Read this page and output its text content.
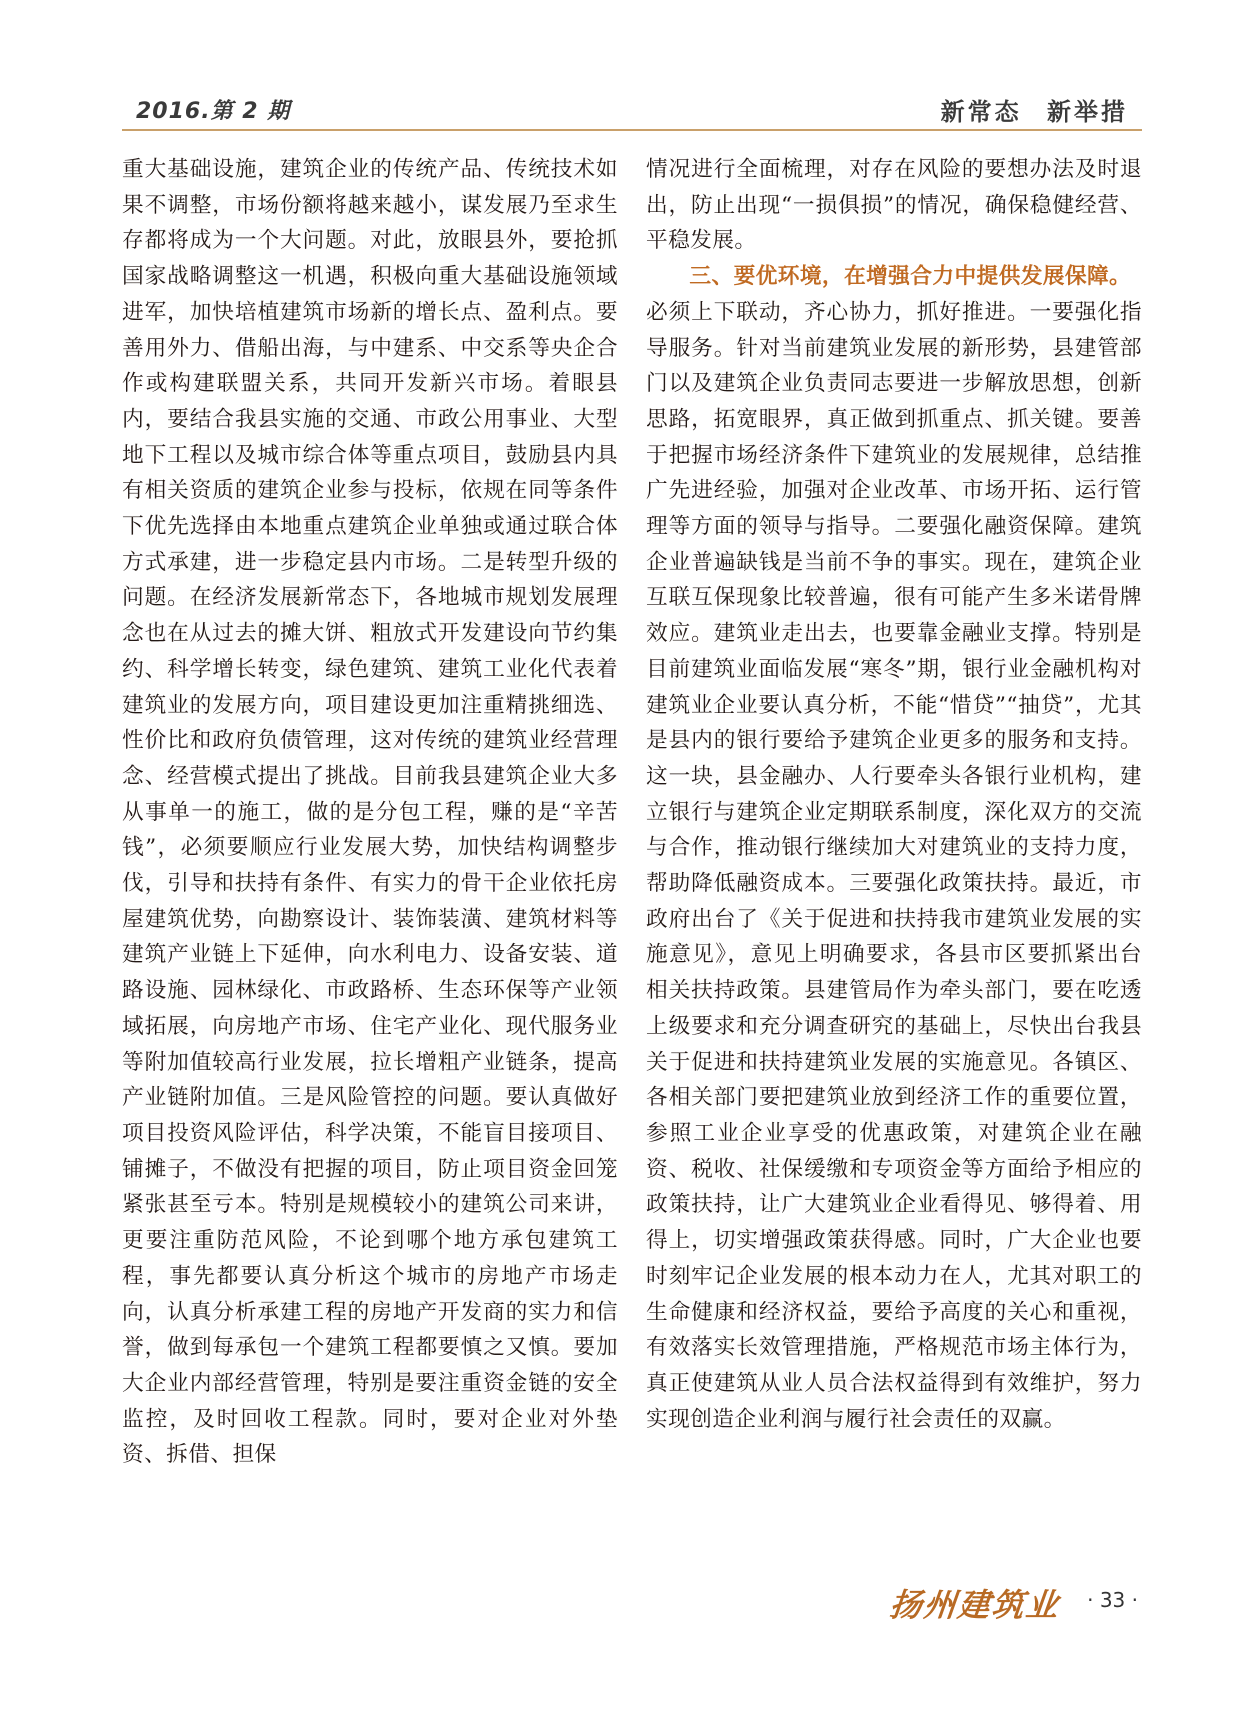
2016.第 2 期	新常态 新举措

重大基础设施，建筑企业的传统产品、传统技术如果不调整，市场份额将越来越小，谋发展乃至求生存都将成为一个大问题。对此，放眼县外，要抢抓国家战略调整这一机遇，积极向重大基础设施领域进军，加快培植建筑市场新的增长点、盈利点。要善用外力、借船出海，与中建系、中交系等央企合作或构建联盟关系，共同开发新兴市场。着眼县内，要结合我县实施的交通、市政公用事业、大型地下工程以及城市综合体等重点项目，鼓励县内具有相关资质的建筑企业参与投标，依规在同等条件下优先选择由本地重点建筑企业单独或通过联合体方式承建，进一步稳定县内市场。二是转型升级的问题。在经济发展新常态下，各地城市规划发展理念也在从过去的摊大饼、粗放式开发建设向节约集约、科学增长转变，绿色建筑、建筑工业化代表着建筑业的发展方向，项目建设更加注重精挑细选、性价比和政府负债管理，这对传统的建筑业经营理念、经营模式提出了挑战。目前我县建筑企业大多从事单一的施工，做的是分包工程，赚的是“辛苦钱”，必须要顺应行业发展大势，加快结构调整步伐，引导和扶持有条件、有实力的骨干企业依托房屋建筑优势，向勘察设计、装饰装潢、建筑材料等建筑产业链上下延伸，向水利电力、设备安装、道路设施、园林绿化、市政路桥、生态环保等产业领域拓展，向房地产市场、住宅产业化、现代服务业等附加值较高行业发展，拉长增粗产业链条，提高产业链附加值。三是风险管控的问题。要认真做好项目投资风险评估，科学决策，不能盲目接项目、铺摊子，不做没有把握的项目，防止项目资金回笼紧张甚至亏本。特别是规模较小的建筑公司来讲，更要注重防范风险，不论到哪个地方承包建筑工程，事先都要认真分析这个城市的房地产市场走向，认真分析承建工程的房地产开发商的实力和信誉，做到每承包一个建筑工程都要慎之又慎。要加大企业内部经营管理，特别是要注重资金链的安全监控，及时回收工程款。同时，要对企业对外垫资、拆借、担保

情况进行全面梳理，对存在风险的要想办法及时退出，防止出现“一损俱损”的情况，确保稳健经营、平稳发展。

三、要优环境，在增强合力中提供发展保障。

必须上下联动，齐心协力，抓好推进。一要强化指导服务。针对当前建筑业发展的新形势，县建管部门以及建筑企业负责同志要进一步解放思想，创新思路，拓宽眼界，真正做到抓重点、抓关键。要善于把握市场经济条件下建筑业的发展规律，总结推广先进经验，加强对企业改革、市场开拓、运行管理等方面的领导与指导。二要强化融资保障。建筑企业普遍缺钱是当前不争的事实。现在，建筑企业互联互保现象比较普遍，很有可能产生多米诺骨牌效应。建筑业走出去，也要靠金融业支撑。特别是目前建筑业面临发展“寒冬”期，银行业金融机构对建筑业企业要认真分析，不能“惜贷”“抽贷”，尤其是县内的银行要给予建筑企业更多的服务和支持。这一块，县金融办、人行要牵头各银行业机构，建立银行与建筑企业定期联系制度，深化双方的交流与合作，推动银行继续加大对建筑业的支持力度，帮助降低融资成本。三要强化政策扶持。最近，市政府出台了《关于促进和扶持我市建筑业发展的实施意见》，意见上明确要求，各县市区要抓紧出台相关扶持政策。县建管局作为牵头部门，要在吃透上级要求和充分调查研究的基础上，尽快出台我县关于促进和扶持建筑业发展的实施意见。各镇区、各相关部门要把建筑业放到经济工作的重要位置，参照工业企业享受的优惠政策，对建筑企业在融资、税收、社保缓缴和专项资金等方面给予相应的政策扶持，让广大建筑业企业看得见、够得着、用得上，切实增强政策获得感。同时，广大企业也要时刻牢记企业发展的根本动力在人，尤其对职工的生命健康和经济权益，要给予高度的关心和重视，有效落实长效管理措施，严格规范市场主体行为，真正使建筑从业人员合法权益得到有效维护，努力实现创造企业利润与履行社会责任的双赢。

扬州建筑业 · 33 ·
